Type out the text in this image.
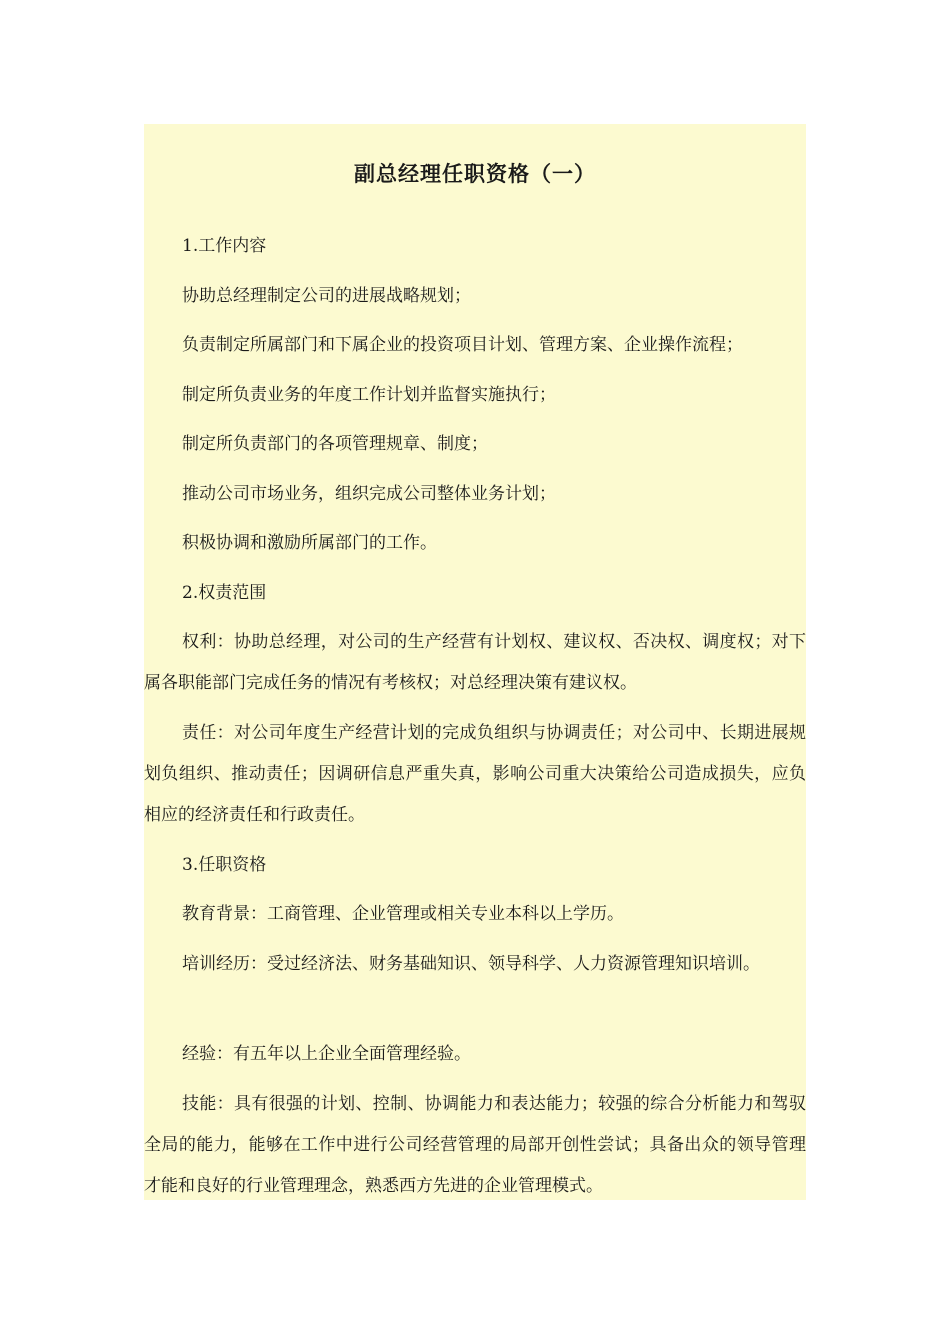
副总经理任职资格（一）

1.工作内容

协助总经理制定公司的进展战略规划；

负责制定所属部门和下属企业的投资项目计划、管理方案、企业操作流程；

制定所负责业务的年度工作计划并监督实施执行；

制定所负责部门的各项管理规章、制度；

推动公司市场业务，组织完成公司整体业务计划；

积极协调和激励所属部门的工作。

2.权责范围

权利：协助总经理，对公司的生产经营有计划权、建议权、否决权、调度权；对下属各职能部门完成任务的情况有考核权；对总经理决策有建议权。

责任：对公司年度生产经营计划的完成负组织与协调责任；对公司中、长期进展规划负组织、推动责任；因调研信息严重失真，影响公司重大决策给公司造成损失，应负相应的经济责任和行政责任。

3.任职资格

教育背景：工商管理、企业管理或相关专业本科以上学历。

培训经历：受过经济法、财务基础知识、领导科学、人力资源管理知识培训。

经验：有五年以上企业全面管理经验。

技能：具有很强的计划、控制、协调能力和表达能力；较强的综合分析能力和驾驭全局的能力，能够在工作中进行公司经营管理的局部开创性尝试；具备出众的领导管理才能和良好的行业管理理念，熟悉西方先进的企业管理模式。
